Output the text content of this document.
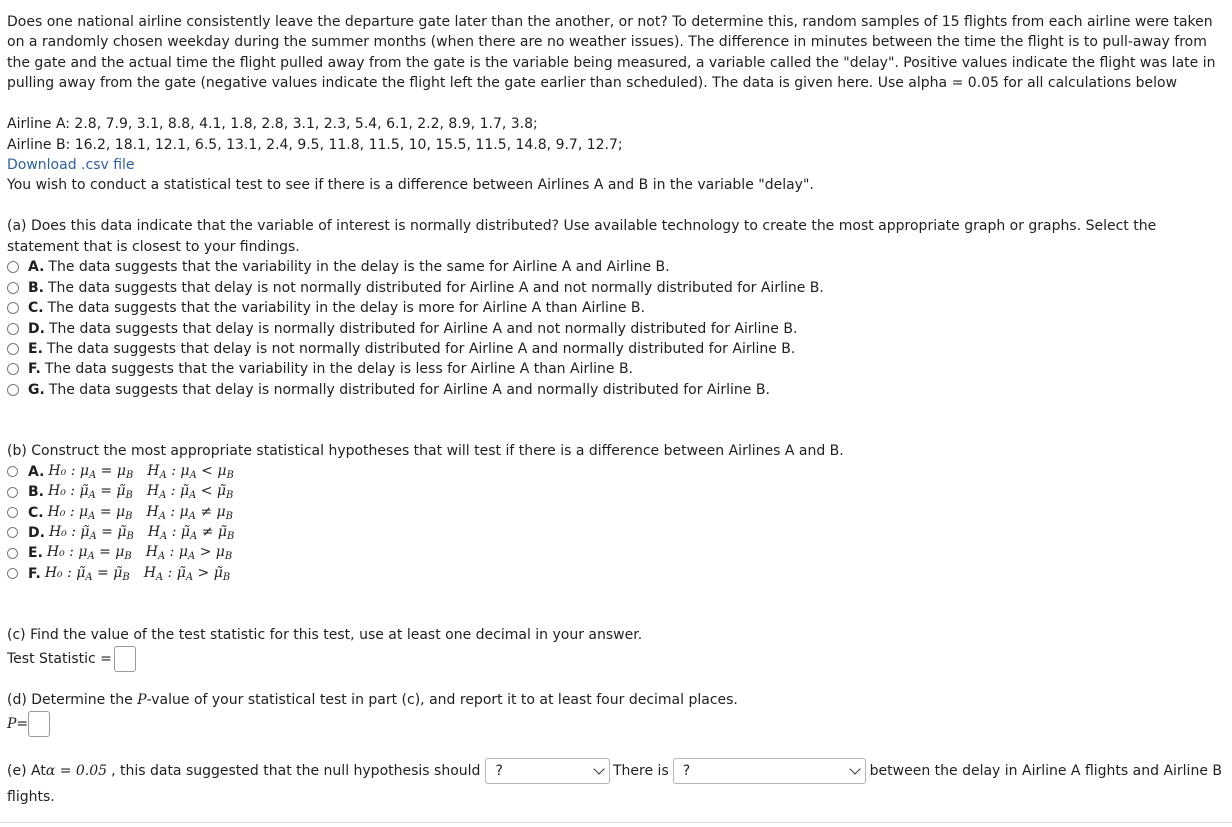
Does one national airline consistently leave the departure gate later than the another, or not? To determine this, random samples of 15 flights from each airline were taken on a randomly chosen weekday during the summer months (when there are no weather issues). The difference in minutes between the time the flight is to pull-away from the gate and the actual time the flight pulled away from the gate is the variable being measured, a variable called the "delay". Positive values indicate the flight was late in pulling away from the gate (negative values indicate the flight left the gate earlier than scheduled). The data is given here. Use alpha = 0.05 for all calculations below

Airline A: 2.8, 7.9, 3.1, 8.8, 4.1, 1.8, 2.8, 3.1, 2.3, 5.4, 6.1, 2.2, 8.9, 1.7, 3.8;
Airline B: 16.2, 18.1, 12.1, 6.5, 13.1, 2.4, 9.5, 11.8, 11.5, 10, 15.5, 11.5, 14.8, 9.7, 12.7;
Download .csv file
You wish to conduct a statistical test to see if there is a difference between Airlines A and B in the variable "delay".

(a) Does this data indicate that the variable of interest is normally distributed? Use available technology to create the most appropriate graph or graphs. Select the statement that is closest to your findings.

A. The data suggests that the variability in the delay is the same for Airline A and Airline B.
B. The data suggests that delay is not normally distributed for Airline A and not normally distributed for Airline B.
C. The data suggests that the variability in the delay is more for Airline A than Airline B.
D. The data suggests that delay is normally distributed for Airline A and not normally distributed for Airline B.
E. The data suggests that delay is not normally distributed for Airline A and normally distributed for Airline B.
F. The data suggests that the variability in the delay is less for Airline A than Airline B.
G. The data suggests that delay is normally distributed for Airline A and normally distributed for Airline B.

(b) Construct the most appropriate statistical hypotheses that will test if there is a difference between Airlines A and B.

A. H₀ : $\mu_A = \mu_B$ $H_A$ : $\mu_A < \mu_B$
B. H₀ : $\mũ_A$ = $\mũ_B$ $H_A$ : $\mũ_A$ < $\mũ_B$
C. H₀ : $\mu_A = \mu_B$ $H_A$ : $\mu_A \ne \mu_B$
D. H₀ : $\mũ_A$ = $\mũ_B$ $H_A$ : $\mũ_A$ ≠ $\mũ_B$
E. H₀ : $\mu_A = \mu_B$ $H_A$ : $\mu_A > \mu_B$
F. H₀ : $\mũ_A$ = $\mũ_B$ $H_A$ : $\mũ_A$ > $\mũ_B$

(c) Find the value of the test statistic for this test, use at least one decimal in your answer.

Test Statistic =

(d) Determine the P-value of your statistical test in part (c), and report it to at least four decimal places.

P =
(e) At α = 0.05 , this data suggested that the null hypothesis should ?	There is ?	between the delay in Airline A flights and Airline B
flights.
